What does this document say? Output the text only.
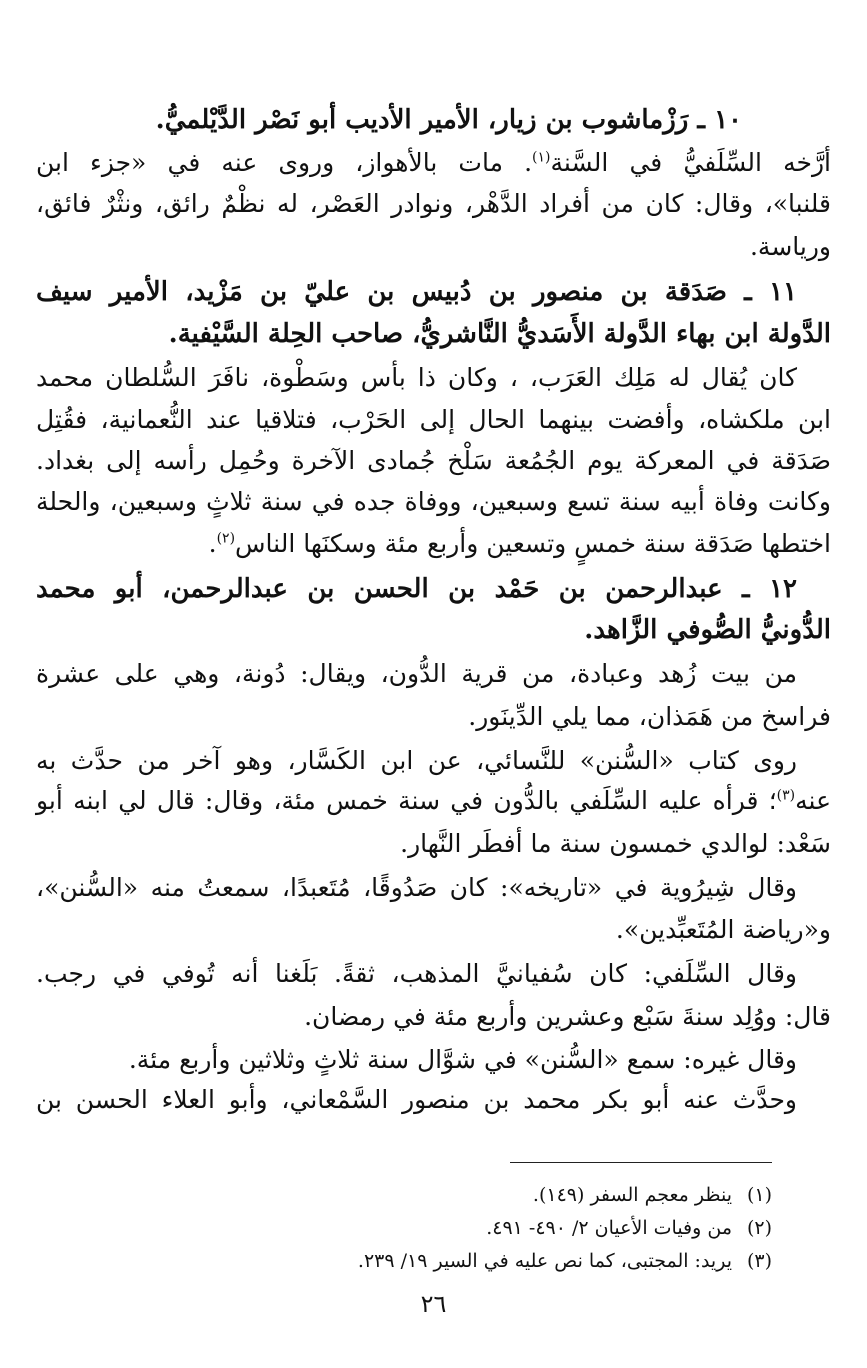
١٠ ـ رَزْماشوب بن زيار، الأمير الأديب أبو نَصْر الدَّيْلميُّ.
أرَّخه السِّلَفيُّ في السَّنة$^{(١)}$. مات بالأهواز، وروى عنه في «جزء ابن
قلنبا»، وقال: كان من أفراد الدَّهْر، ونوادر العَصْر، له نظْمٌ رائق، ونثْرٌ فائق،
ورياسة.
١١ ـ صَدَقة بن منصور بن دُبيس بن عليّ بن مَزْيد، الأمير سيف
الدَّولة ابن بهاء الدَّولة الأَسَديُّ النَّاشريُّ، صاحب الحِلة السَّيْفية.
كان يُقال له مَلِك العَرَب، ، وكان ذا بأس وسَطْوة، نافَرَ السُّلطان محمد
ابن ملكشاه، وأفضت بينهما الحال إلى الحَرْب، فتلاقيا عند النُّعمانية، فقُتِل
صَدَقة في المعركة يوم الجُمُعة سَلْخ جُمادى الآخرة وحُمِل رأسه إلى بغداد.
وكانت وفاة أبيه سنة تسع وسبعين، ووفاة جده في سنة ثلاثٍ وسبعين، والحلة
اختطها صَدَقة سنة خمسٍ وتسعين وأربع مئة وسكنَها الناس$^{(٢)}$.
١٢ ـ عبدالرحمن بن حَمْد بن الحسن بن عبدالرحمن، أبو محمد
الدُّونيُّ الصُّوفي الزَّاهد.
من بيت زُهد وعبادة، من قرية الدُّون، ويقال: دُونة، وهي على عشرة
فراسخ من هَمَذان، مما يلي الدِّينَور.
روى كتاب «السُّنن» للنَّسائي، عن ابن الكَسَّار، وهو آخر من حدَّث به
عنه$^{(٣)}$؛ قرأه عليه السِّلَفي بالدُّون في سنة خمس مئة، وقال: قال لي ابنه أبو
سَعْد: لوالدي خمسون سنة ما أفطَر النَّهار.
وقال شِيرُوية في «تاريخه»: كان صَدُوقًا، مُتَعبدًا، سمعتُ منه «السُّنن»،
و«رياضة المُتَعبِّدين».
وقال السِّلَفي: كان سُفيانيَّ المذهب، ثقةً. بَلَغنا أنه تُوفي في رجب.
قال: ووُلِد سنةَ سَبْع وعشرين وأربع مئة في رمضان.
وقال غيره: سمع «السُّنن» في شوَّال سنة ثلاثٍ وثلاثين وأربع مئة.
وحدَّث عنه أبو بكر محمد بن منصور السَّمْعاني، وأبو العلاء الحسن بن
(١)ينظر معجم السفر (١٤٩).
(٢)من وفيات الأعيان ٢/ ٤٩٠- ٤٩١.
(٣)يريد: المجتبى، كما نص عليه في السير ١٩/ ٢٣٩.
٢٦
